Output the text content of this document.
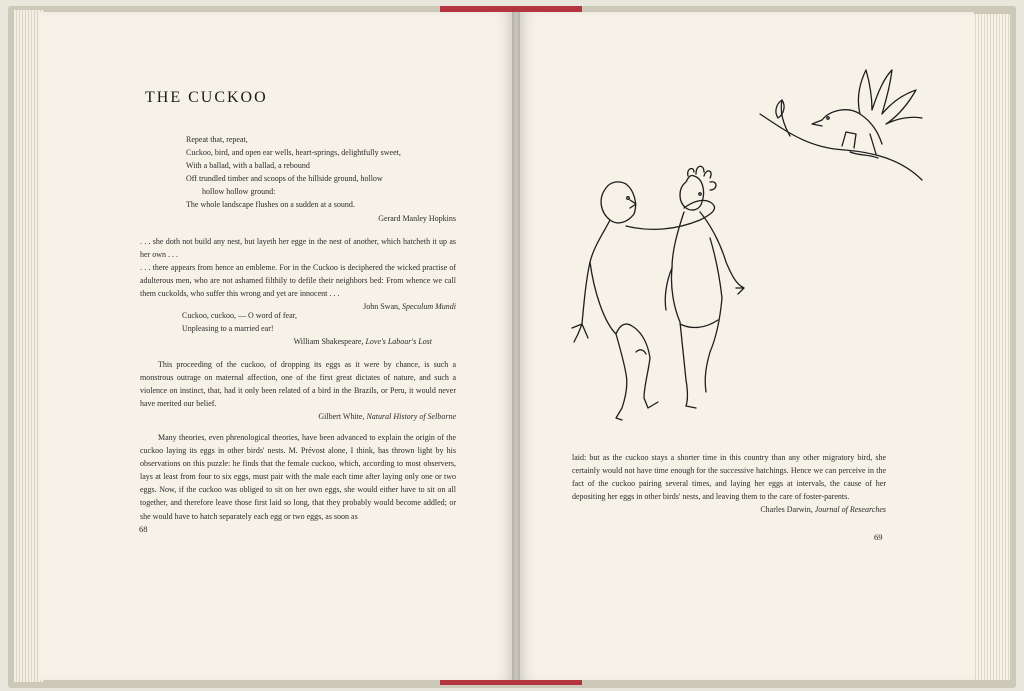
THE CUCKOO

Repeat that, repeat,

Cuckoo, bird, and open ear wells, heart-springs, delightfully sweet,

With a ballad, with a ballad, a rebound

Off trundled timber and scoops of the hillside ground, hollow

hollow hollow ground:

The whole landscape flushes on a sudden at a sound.

Gerard Manley Hopkins

. . . she doth not build any nest, but layeth her egge in the nest of another, which hatcheth it up as her own . . .

. . . there appears from hence an embleme. For in the Cuckoo is deciphered the wicked practise of adulterous men, who are not ashamed filthily to defile their neighbors bed: From whence we call them cuckolds, who suffer this wrong and yet are innocent . . .

John Swan, Speculum Mundi

Cuckoo, cuckoo, — O word of fear,

Unpleasing to a married ear!

William Shakespeare, Love's Labour's Lost

This proceeding of the cuckoo, of dropping its eggs as it were by chance, is such a monstrous outrage on maternal affection, one of the first great dictates of nature, and such a violence on instinct, that, had it only been related of a bird in the Brazils, or Peru, it would never have merited our belief.

Gilbert White, Natural History of Selborne

Many theories, even phrenological theories, have been advanced to explain the origin of the cuckoo laying its eggs in other birds' nests. M. Prévost alone, I think, has thrown light by his observations on this puzzle: he finds that the female cuckoo, which, according to most observers, lays at least from four to six eggs, must pair with the male each time after laying only one or two eggs. Now, if the cuckoo was obliged to sit on her own eggs, she would either have to sit on all together, and therefore leave those first laid so long, that they probably would become addled; or she would have to hatch separately each egg or two eggs, as soon as

68

laid: but as the cuckoo stays a shorter time in this country than any other migratory bird, she certainly would not have time enough for the successive hatchings. Hence we can perceive in the fact of the cuckoo pairing several times, and laying her eggs at intervals, the cause of her depositing her eggs in other birds' nests, and leaving them to the care of foster-parents.

Charles Darwin, Journal of Researches

69
